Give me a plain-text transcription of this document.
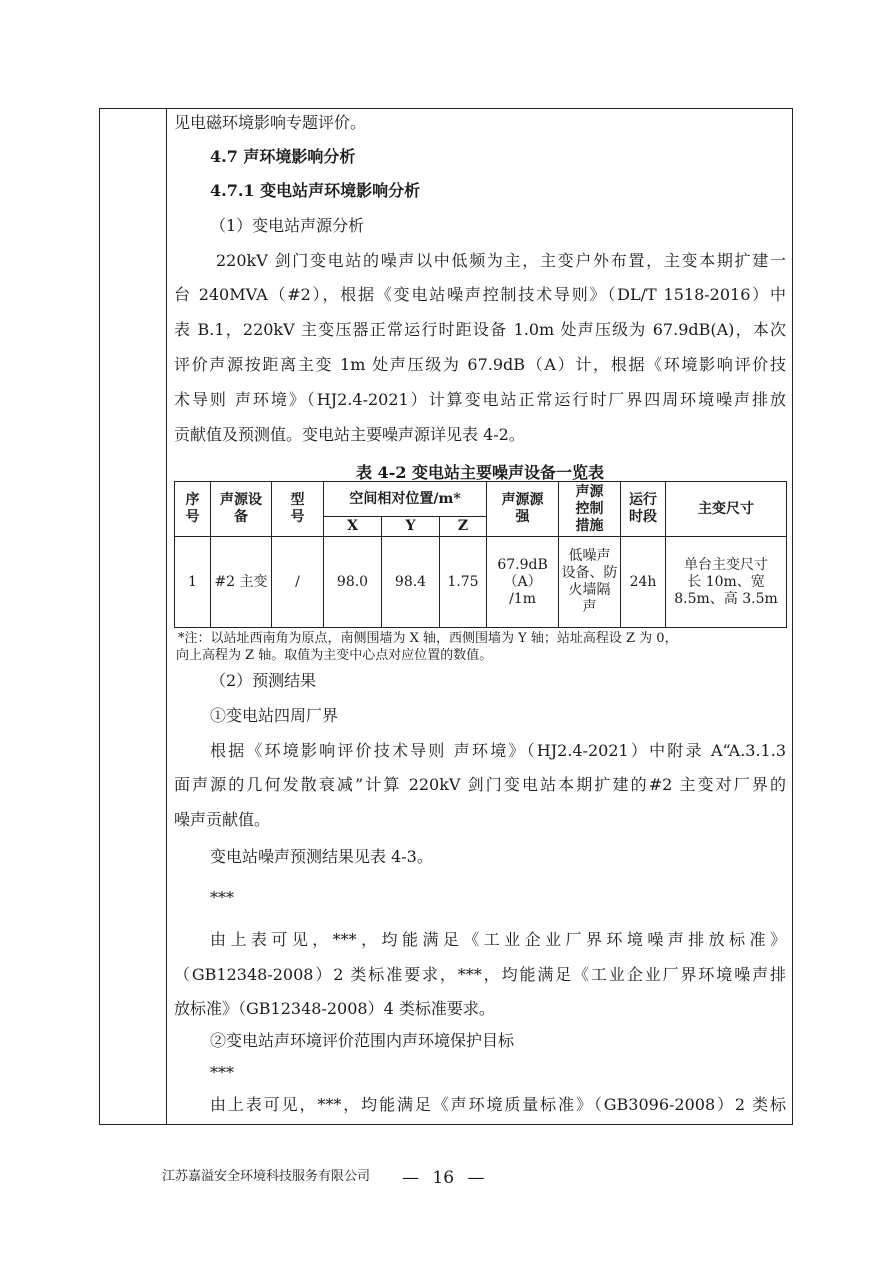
见电磁环境影响专题评价。
4.7 声环境影响分析
4.7.1 变电站声环境影响分析
（1）变电站声源分析
220kV 剑门变电站的噪声以中低频为主，主变户外布置，主变本期扩建一
台 240MVA（#2），根据《变电站噪声控制技术导则》（DL/T 1518-2016）中
表 B.1，220kV 主变压器正常运行时距设备 1.0m 处声压级为 67.9dB(A)，本次
评价声源按距离主变 1m 处声压级为 67.9dB（A）计，根据《环境影响评价技
术导则 声环境》（HJ2.4-2021）计算变电站正常运行时厂界四周环境噪声排放
贡献值及预测值。变电站主要噪声源详见表 4-2。
表 4-2 变电站主要噪声设备一览表
序
号	声源设
备	型
号	空间相对位置/m*			声源源
强	声源
控制
措施	运行
时段	主变尺寸
			X	Y	Z				
1	#2 主变	/	98.0	98.4	1.75	67.9dB
（A）
/1m	低噪声
设备、防
火墙隔
声	24h	单台主变尺寸
长 10m、宽
8.5m、高 3.5m
*注：以站址西南角为原点，南侧围墙为 X 轴，西侧围墙为 Y 轴；站址高程设 Z 为 0，
向上高程为 Z 轴。取值为主变中心点对应位置的数值。
（2）预测结果
①变电站四周厂界
根据《环境影响评价技术导则 声环境》（HJ2.4-2021）中附录 A“A.3.1.3
面声源的几何发散衰减”计算 220kV 剑门变电站本期扩建的#2 主变对厂界的
噪声贡献值。
变电站噪声预测结果见表 4-3。
***
由上表可见，***，均能满足《工业企业厂界环境噪声排放标准》
（GB12348-2008）2 类标准要求，***，均能满足《工业企业厂界环境噪声排
放标准》（GB12348-2008）4 类标准要求。
②变电站声环境评价范围内声环境保护目标
***
由上表可见，***，均能满足《声环境质量标准》（GB3096-2008）2 类标
江苏嘉溢安全环境科技服务有限公司 — 16 —
